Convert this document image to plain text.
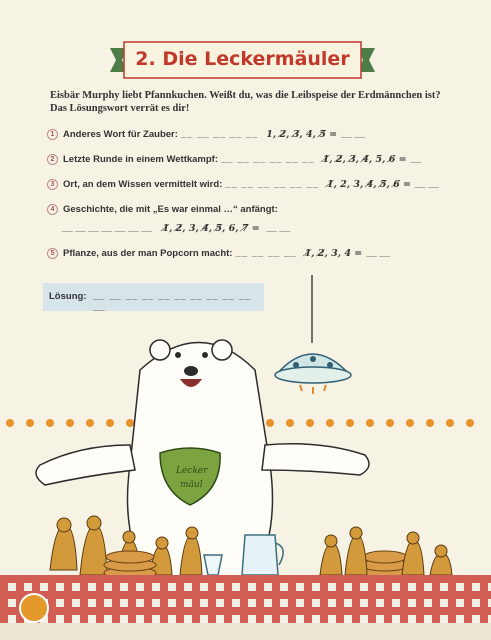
2. Die Leckermäuler
Eisbär Murphy liebt Pfannkuchen. Weißt du, was die Leibspeise der Erdmännchen ist?
Das Lösungswort verrät es dir!
1 Anderes Wort für Zauber: __ __ __ __ __ 1, 2̸, 3̸, 4, 5̸ = __ __
2 Letzte Runde in einem Wettkampf: __ __ __ __ __ __ 1̸, 2̸, 3̸, 4̸, 5, 6̸ = __
3 Ort, an dem Wissen vermittelt wird: __ __ __ __ __ __ 1̸, 2, 3, 4̸, 5̸, 6̸ = __ __
4 Geschichte, die mit „Es war einmal …“ anfängt:
__ __ __ __ __ __ __ 1̸, 2̸, 3, 4̸, 5̸, 6, 7̸ = __ __
5 Pflanze, aus der man Popcorn macht: __ __ __ __ 1̸, 2̸, 3, 4 = __ __
Lösung: __ __ __ __ __ __ __ __ __ __ __
Lecker
mäul
